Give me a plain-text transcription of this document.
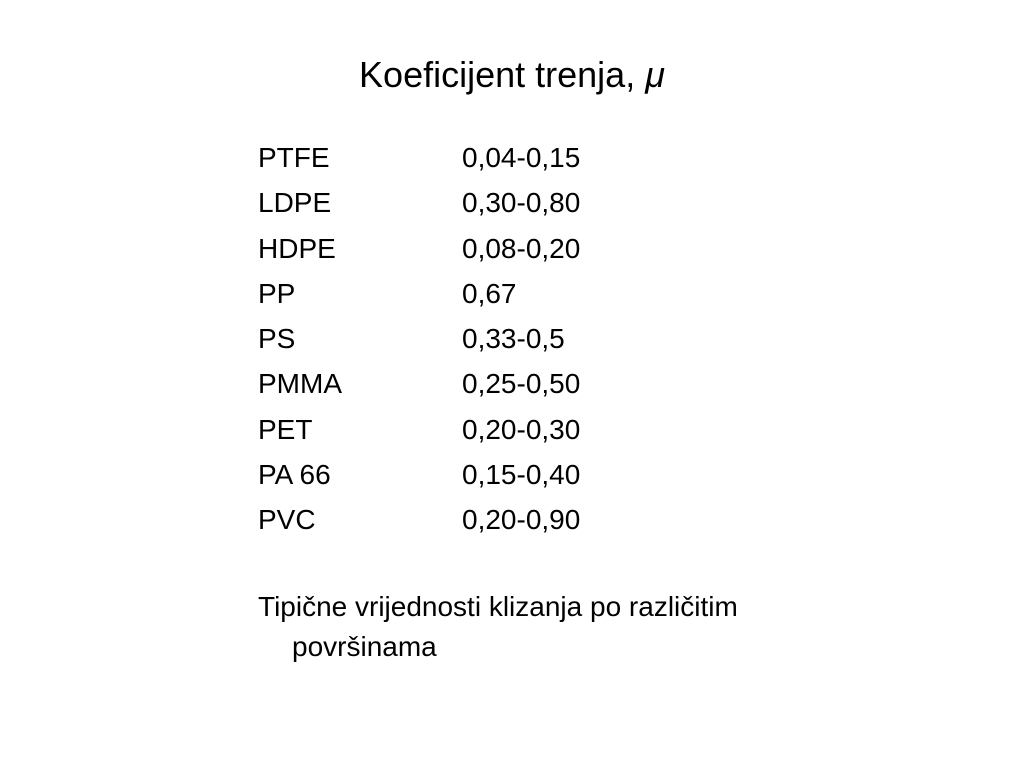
Koeficijent trenja, μ
PTFE	0,04-0,15
LDPE	0,30-0,80
HDPE	0,08-0,20
PP	0,67
PS	0,33-0,5
PMMA	0,25-0,50
PET	0,20-0,30
PA 66	0,15-0,40
PVC	0,20-0,90
Tipične vrijednosti klizanja po različitim
površinama
